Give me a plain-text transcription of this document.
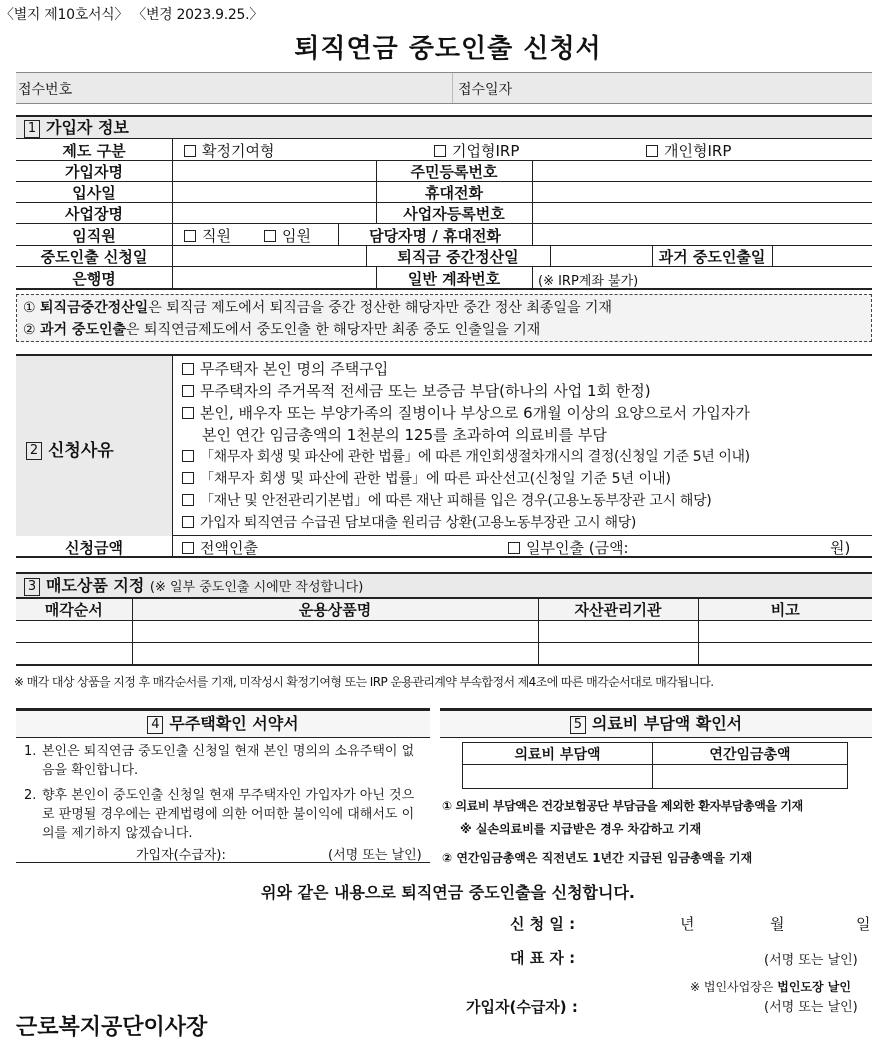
〈별지 제10호서식〉 〈변경 2023.9.25.〉
퇴직연금 중도인출 신청서
접수번호	접수일자
1 가입자 정보
제도 구분	확정기여형	기업형IRP	개인형IRP
가입자명	주민등록번호
입사일	휴대전화
사업장명	사업자등록번호
임직원	직원	임원	담당자명 / 휴대전화
중도인출 신청일	퇴직금 중간정산일	과거 중도인출일
은행명	일반 계좌번호	(※ IRP계좌 불가)
① 퇴직금중간정산일은 퇴직금 제도에서 퇴직금을 중간 정산한 해당자만 중간 정산 최종일을 기재
② 과거 중도인출은 퇴직연금제도에서 중도인출 한 해당자만 최종 중도 인출일을 기재
2 신청사유
무주택자 본인 명의 주택구입
무주택자의 주거목적 전세금 또는 보증금 부담(하나의 사업 1회 한정)
본인, 배우자 또는 부양가족의 질병이나 부상으로 6개월 이상의 요양으로서 가입자가
본인 연간 임금총액의 1천분의 125를 초과하여 의료비를 부담
「채무자 회생 및 파산에 관한 법률」에 따른 개인회생절차개시의 결정(신청일 기준 5년 이내)
「채무자 회생 및 파산에 관한 법률」에 따른 파산선고(신청일 기준 5년 이내)
「재난 및 안전관리기본법」에 따른 재난 피해를 입은 경우(고용노동부장관 고시 해당)
가입자 퇴직연금 수급권 담보대출 원리금 상환(고용노동부장관 고시 해당)
신청금액	전액인출	일부인출 (금액:	원)
3 매도상품 지정 (※ 일부 중도인출 시에만 작성합니다)
매각순서	운용상품명	자산관리기관	비고

※ 매각 대상 상품을 지정 후 매각순서를 기재, 미작성시 확정기여형 또는 IRP 운용관리계약 부속합정서 제4조에 따른 매각순서대로 매각됩니다.
4 무주택확인 서약서
1. 본인은 퇴직연금 중도인출 신청일 현재 본인 명의의 소유주택이 없음을 확인합니다.
2. 향후 본인이 중도인출 신청일 현재 무주택자인 가입자가 아닌 것으로 판명될 경우에는 관계법령에 의한 어떠한 불이익에 대해서도 이의를 제기하지 않겠습니다.
가입자(수급자):	(서명 또는 날인)
5 의료비 부담액 확인서
의료비 부담액	연간임금총액

① 의료비 부담액은 건강보험공단 부담금을 제외한 환자부담총액을 기재
※ 실손의료비를 지급받은 경우 차감하고 기재
② 연간임금총액은 직전년도 1년간 지급된 임금총액을 기재
위와 같은 내용으로 퇴직연금 중도인출을 신청합니다.
신 청 일 :	년	월	일
대 표 자 :	(서명 또는 날인)
※ 법인사업장은 법인도장 날인
가입자(수급자) :	(서명 또는 날인)
근로복지공단이사장
